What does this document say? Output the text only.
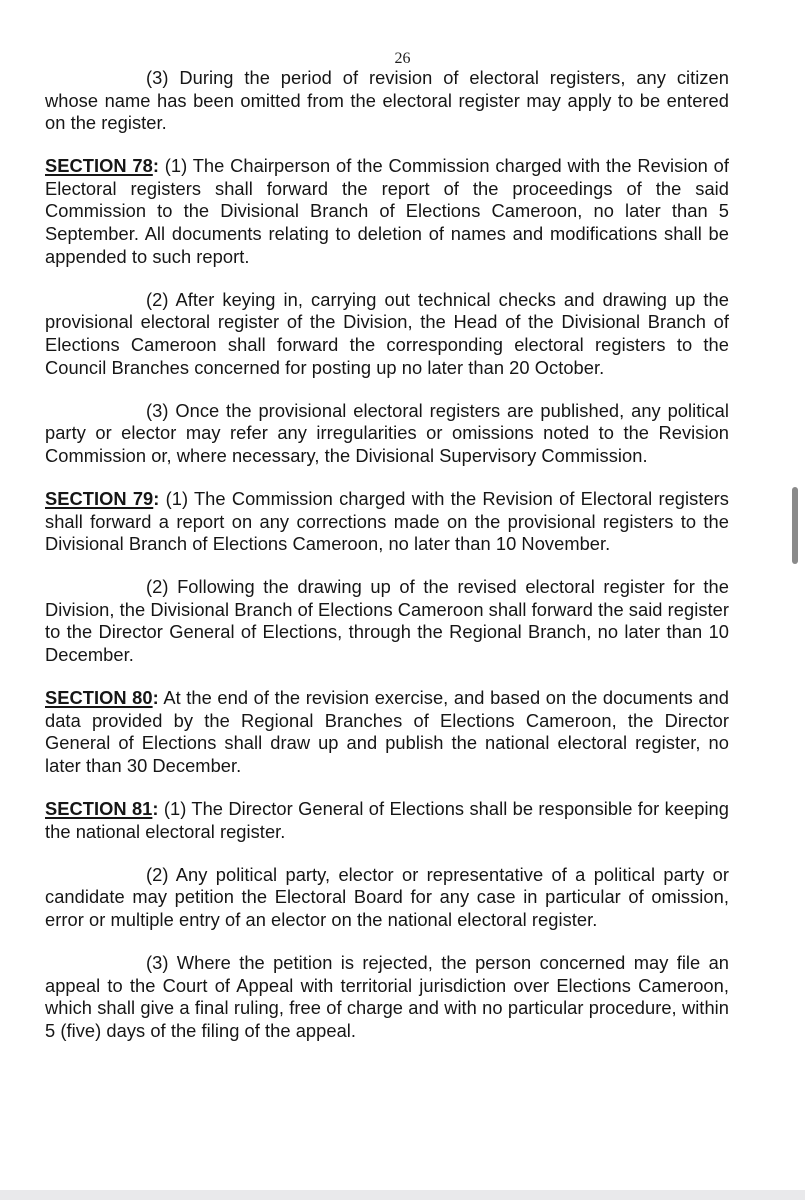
26

(3) During the period of revision of electoral registers, any citizen whose name has been omitted from the electoral register may apply to be entered on the register.

SECTION 78: (1) The Chairperson of the Commission charged with the Revision of Electoral registers shall forward the report of the proceedings of the said Commission to the Divisional Branch of Elections Cameroon, no later than 5 September. All documents relating to deletion of names and modifications shall be appended to such report.

(2) After keying in, carrying out technical checks and drawing up the provisional electoral register of the Division, the Head of the Divisional Branch of Elections Cameroon shall forward the corresponding electoral registers to the Council Branches concerned for posting up no later than 20 October.

(3) Once the provisional electoral registers are published, any political party or elector may refer any irregularities or omissions noted to the Revision Commission or, where necessary, the Divisional Supervisory Commission.

SECTION 79: (1) The Commission charged with the Revision of Electoral registers shall forward a report on any corrections made on the provisional registers to the Divisional Branch of Elections Cameroon, no later than 10 November.

(2) Following the drawing up of the revised electoral register for the Division, the Divisional Branch of Elections Cameroon shall forward the said register to the Director General of Elections, through the Regional Branch, no later than 10 December.

SECTION 80: At the end of the revision exercise, and based on the documents and data provided by the Regional Branches of Elections Cameroon, the Director General of Elections shall draw up and publish the national electoral register, no later than 30 December.

SECTION 81: (1) The Director General of Elections shall be responsible for keeping the national electoral register.

(2) Any political party, elector or representative of a political party or candidate may petition the Electoral Board for any case in particular of omission, error or multiple entry of an elector on the national electoral register.

(3) Where the petition is rejected, the person concerned may file an appeal to the Court of Appeal with territorial jurisdiction over Elections Cameroon, which shall give a final ruling, free of charge and with no particular procedure, within 5 (five) days of the filing of the appeal.
